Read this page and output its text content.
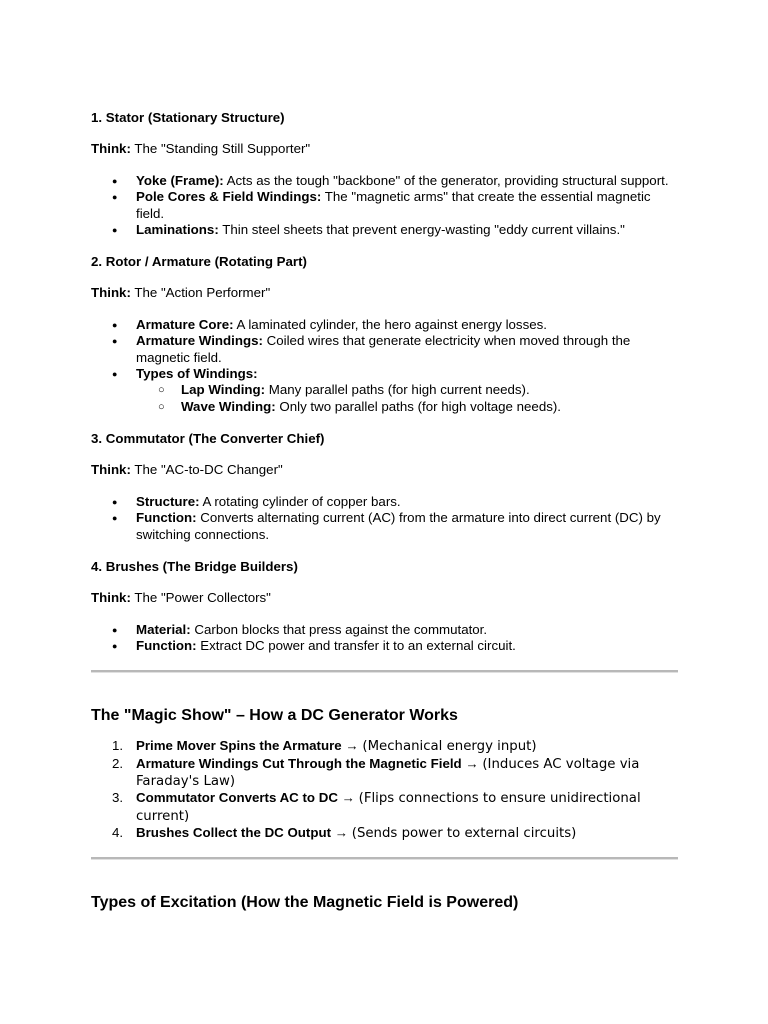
1. Stator (Stationary Structure)

Think: The "Standing Still Supporter"

● Yoke (Frame): Acts as the tough "backbone" of the generator, providing structural support.
● Pole Cores & Field Windings: The "magnetic arms" that create the essential magnetic field.
● Laminations: Thin steel sheets that prevent energy-wasting "eddy current villains."

2. Rotor / Armature (Rotating Part)

Think: The "Action Performer"

● Armature Core: A laminated cylinder, the hero against energy losses.
● Armature Windings: Coiled wires that generate electricity when moved through the magnetic field.
● Types of Windings:
○ Lap Winding: Many parallel paths (for high current needs).
○ Wave Winding: Only two parallel paths (for high voltage needs).

3. Commutator (The Converter Chief)

Think: The "AC-to-DC Changer"

● Structure: A rotating cylinder of copper bars.
● Function: Converts alternating current (AC) from the armature into direct current (DC) by switching connections.

4. Brushes (The Bridge Builders)

Think: The "Power Collectors"

● Material: Carbon blocks that press against the commutator.
● Function: Extract DC power and transfer it to an external circuit.

The "Magic Show" – How a DC Generator Works

1. Prime Mover Spins the Armature → (Mechanical energy input)
2. Armature Windings Cut Through the Magnetic Field → (Induces AC voltage via Faraday's Law)
3. Commutator Converts AC to DC → (Flips connections to ensure unidirectional current)
4. Brushes Collect the DC Output → (Sends power to external circuits)

Types of Excitation (How the Magnetic Field is Powered)
